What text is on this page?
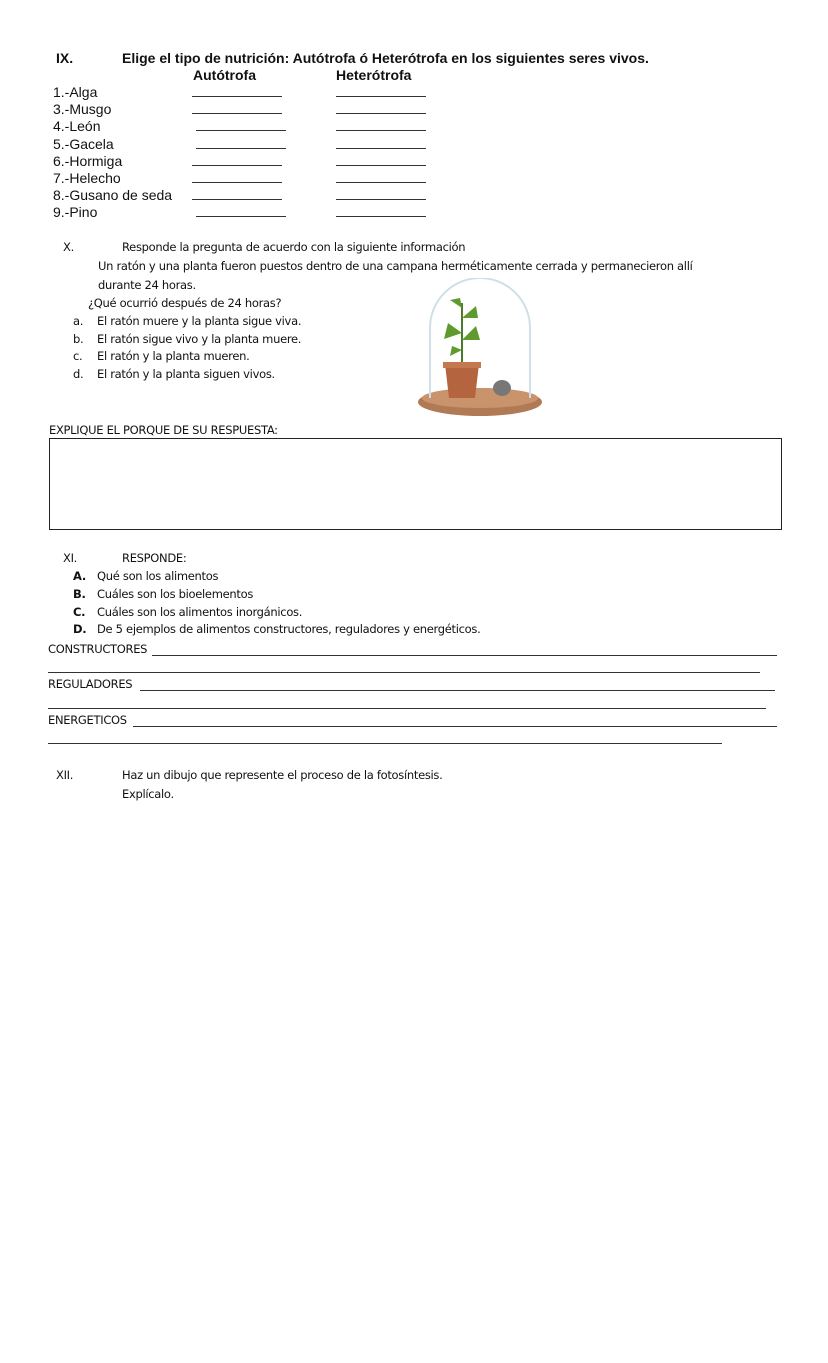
IX.	Elige el tipo de nutrición: Autótrofa ó Heterótrofa en los siguientes seres vivos.
Autótrofa	Heterótrofa
1.-Alga
3.-Musgo
4.-León
5.-Gacela
6.-Hormiga
7.-Helecho
8.-Gusano de seda
9.-Pino
X.	Responde la pregunta de acuerdo con la siguiente información
Un ratón y una planta fueron puestos dentro de una campana herméticamente cerrada y permanecieron allí
durante 24 horas.
¿Qué ocurrió después de 24 horas?
a. El ratón muere y la planta sigue viva.
b. El ratón sigue vivo y la planta muere.
c. El ratón y la planta mueren.
d. El ratón y la planta siguen vivos.
EXPLIQUE EL PORQUE DE SU RESPUESTA:
XI.	RESPONDE:
A. Qué son los alimentos
B. Cuáles son los bioelementos
C. Cuáles son los alimentos inorgánicos.
D. De 5 ejemplos de alimentos constructores, reguladores y energéticos.
CONSTRUCTORES
REGULADORES
ENERGETICOS
XII.	Haz un dibujo que represente el proceso de la fotosíntesis.
Explícalo.
